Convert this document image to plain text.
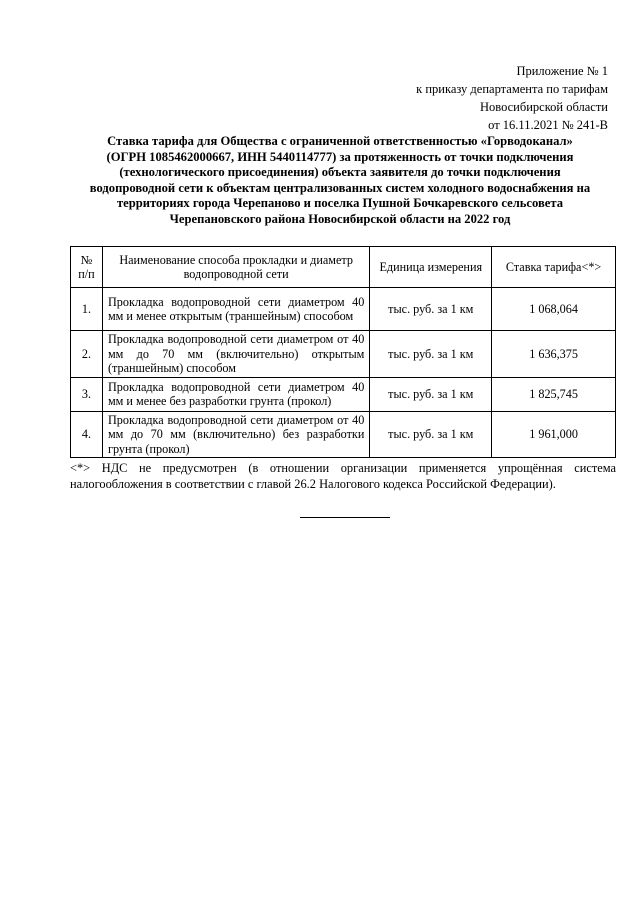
Приложение № 1
к приказу департамента по тарифам
Новосибирской области
от 16.11.2021 № 241-В
Ставка тарифа для Общества с ограниченной ответственностью «Горводоканал»
(ОГРН 1085462000667, ИНН 5440114777) за протяженность от точки подключения
(технологического присоединения) объекта заявителя до точки подключения
водопроводной сети к объектам централизованных систем холодного водоснабжения на
территориях города Черепаново и поселка Пушной Бочкаревского сельсовета
Черепановского района Новосибирской области на 2022 год
№ п/п	Наименование способа прокладки и диаметр водопроводной сети	Единица измерения	Ставка тарифа<*>
1.	Прокладка водопроводной сети диаметром 40 мм и менее открытым (траншейным) способом	тыс. руб. за 1 км	1 068,064
2.	Прокладка водопроводной сети диаметром от 40 мм до 70 мм (включительно) открытым (траншейным) способом	тыс. руб. за 1 км	1 636,375
3.	Прокладка водопроводной сети диаметром 40 мм и менее без разработки грунта (прокол)	тыс. руб. за 1 км	1 825,745
4.	Прокладка водопроводной сети диаметром от 40 мм до 70 мм (включительно) без разработки грунта (прокол)	тыс. руб. за 1 км	1 961,000
<*> НДС не предусмотрен (в отношении организации применяется упрощённая система налогообложения в соответствии с главой 26.2 Налогового кодекса Российской Федерации).
